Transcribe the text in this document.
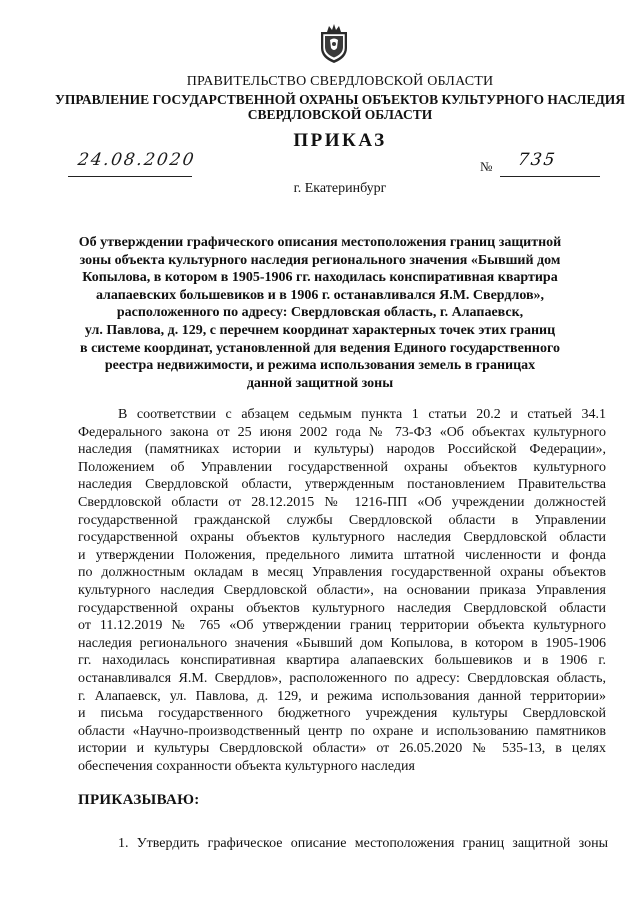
ПРАВИТЕЛЬСТВО СВЕРДЛОВСКОЙ ОБЛАСТИ
УПРАВЛЕНИЕ ГОСУДАРСТВЕННОЙ ОХРАНЫ ОБЪЕКТОВ КУЛЬТУРНОГО НАСЛЕДИЯ
СВЕРДЛОВСКОЙ ОБЛАСТИ
ПРИКАЗ
24.08.2020	№ 735
г. Екатеринбург
Об утверждении графического описания местоположения границ защитной
зоны объекта культурного наследия регионального значения «Бывший дом
Копылова, в котором в 1905-1906 гг. находилась конспиративная квартира
алапаевских большевиков и в 1906 г. останавливался Я.М. Свердлов»,
расположенного по адресу: Свердловская область, г. Алапаевск,
ул. Павлова, д. 129, с перечнем координат характерных точек этих границ
в системе координат, установленной для ведения Единого государственного
реестра недвижимости, и режима использования земель в границах
данной защитной зоны
В соответствии с абзацем седьмым пункта 1 статьи 20.2 и статьей 34.1
Федерального закона от 25 июня 2002 года № 73-ФЗ «Об объектах культурного
наследия (памятниках истории и культуры) народов Российской Федерации»,
Положением об Управлении государственной охраны объектов культурного
наследия Свердловской области, утвержденным постановлением Правительства
Свердловской области от 28.12.2015 № 1216-ПП «Об учреждении должностей
государственной гражданской службы Свердловской области в Управлении
государственной охраны объектов культурного наследия Свердловской области
и утверждении Положения, предельного лимита штатной численности и фонда
по должностным окладам в месяц Управления государственной охраны объектов
культурного наследия Свердловской области», на основании приказа Управления
государственной охраны объектов культурного наследия Свердловской области
от 11.12.2019 № 765 «Об утверждении границ территории объекта культурного
наследия регионального значения «Бывший дом Копылова, в котором в 1905-1906
гг. находилась конспиративная квартира алапаевских большевиков и в 1906 г.
останавливался Я.М. Свердлов», расположенного по адресу: Свердловская область,
г. Алапаевск, ул. Павлова, д. 129, и режима использования данной территории»
и письма государственного бюджетного учреждения культуры Свердловской
области «Научно-производственный центр по охране и использованию памятников
истории и культуры Свердловской области» от 26.05.2020 № 535-13, в целях
обеспечения сохранности объекта культурного наследия
ПРИКАЗЫВАЮ:
1. Утвердить графическое описание местоположения границ защитной зоны
